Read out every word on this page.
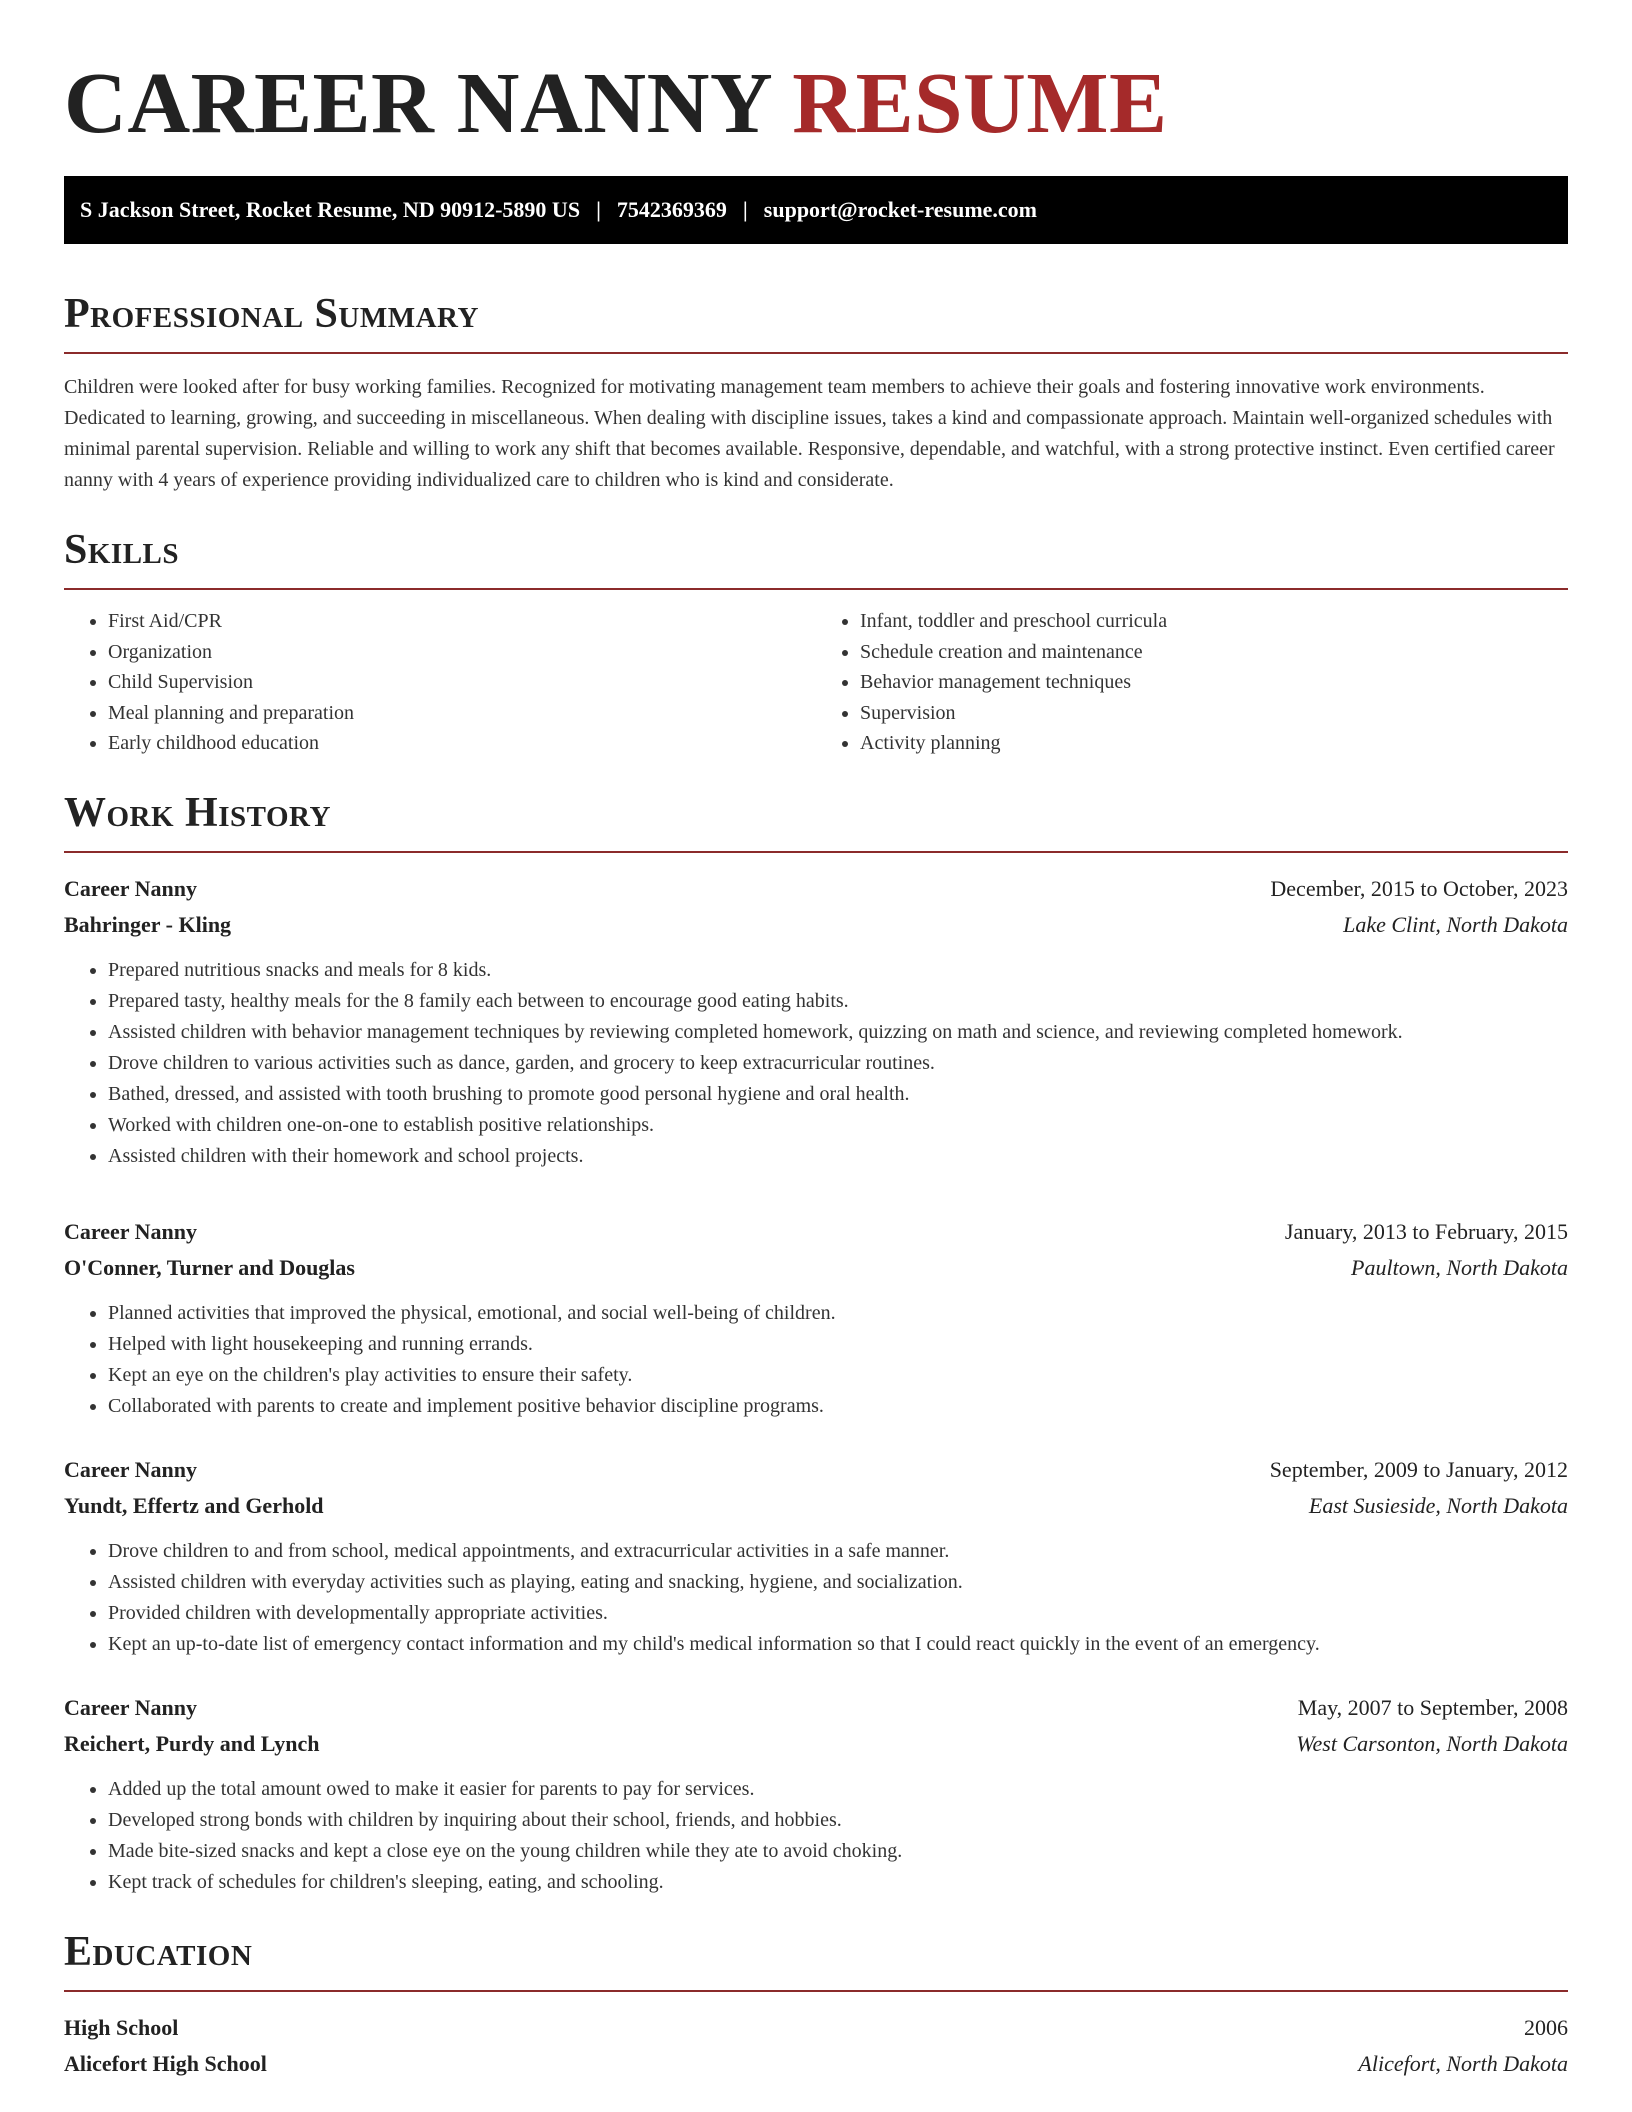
CAREER NANNY RESUME
S Jackson Street, Rocket Resume, ND 90912-5890 US | 7542369369 | support@rocket-resume.com
Professional Summary

Children were looked after for busy working families. Recognized for motivating management team members to achieve their goals and fostering innovative work environments. Dedicated to learning, growing, and succeeding in miscellaneous. When dealing with discipline issues, takes a kind and compassionate approach. Maintain well-organized schedules with minimal parental supervision. Reliable and willing to work any shift that becomes available. Responsive, dependable, and watchful, with a strong protective instinct. Even certified career nanny with 4 years of experience providing individualized care to children who is kind and considerate.

Skills
• First Aid/CPR
• Organization
• Child Supervision
• Meal planning and preparation
• Early childhood education
• Infant, toddler and preschool curricula
• Schedule creation and maintenance
• Behavior management techniques
• Supervision
• Activity planning
Work History
Career Nanny	December, 2015 to October, 2023
Bahringer - Kling	Lake Clint, North Dakota
• Prepared nutritious snacks and meals for 8 kids.
• Prepared tasty, healthy meals for the 8 family each between to encourage good eating habits.
• Assisted children with behavior management techniques by reviewing completed homework, quizzing on math and science, and reviewing completed homework.
• Drove children to various activities such as dance, garden, and grocery to keep extracurricular routines.
• Bathed, dressed, and assisted with tooth brushing to promote good personal hygiene and oral health.
• Worked with children one-on-one to establish positive relationships.
• Assisted children with their homework and school projects.
Career Nanny	January, 2013 to February, 2015
O'Conner, Turner and Douglas	Paultown, North Dakota
• Planned activities that improved the physical, emotional, and social well-being of children.
• Helped with light housekeeping and running errands.
• Kept an eye on the children's play activities to ensure their safety.
• Collaborated with parents to create and implement positive behavior discipline programs.
Career Nanny	September, 2009 to January, 2012
Yundt, Effertz and Gerhold	East Susieside, North Dakota
• Drove children to and from school, medical appointments, and extracurricular activities in a safe manner.
• Assisted children with everyday activities such as playing, eating and snacking, hygiene, and socialization.
• Provided children with developmentally appropriate activities.
• Kept an up-to-date list of emergency contact information and my child's medical information so that I could react quickly in the event of an emergency.
Career Nanny	May, 2007 to September, 2008
Reichert, Purdy and Lynch	West Carsonton, North Dakota
• Added up the total amount owed to make it easier for parents to pay for services.
• Developed strong bonds with children by inquiring about their school, friends, and hobbies.
• Made bite-sized snacks and kept a close eye on the young children while they ate to avoid choking.
• Kept track of schedules for children's sleeping, eating, and schooling.
Education
High School	2006
Alicefort High School	Alicefort, North Dakota
